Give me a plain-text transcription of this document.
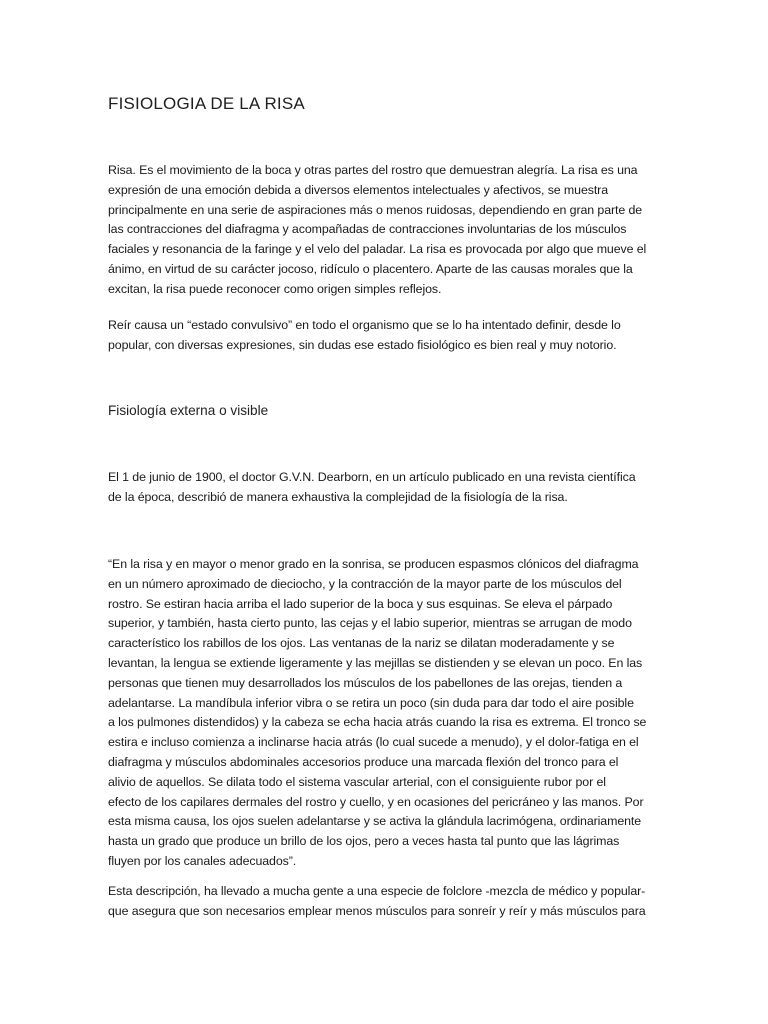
FISIOLOGIA DE LA RISA
Risa. Es el movimiento de la boca y otras partes del rostro que demuestran alegría. La risa es una
expresión de una emoción debida a diversos elementos intelectuales y afectivos, se muestra
principalmente en una serie de aspiraciones más o menos ruidosas, dependiendo en gran parte de
las contracciones del diafragma y acompañadas de contracciones involuntarias de los músculos
faciales y resonancia de la faringe y el velo del paladar. La risa es provocada por algo que mueve el
ánimo, en virtud de su carácter jocoso, ridículo o placentero. Aparte de las causas morales que la
excitan, la risa puede reconocer como origen simples reflejos.
Reír causa un “estado convulsivo” en todo el organismo que se lo ha intentado definir, desde lo
popular, con diversas expresiones, sin dudas ese estado fisiológico es bien real y muy notorio.
Fisiología externa o visible
El 1 de junio de 1900, el doctor G.V.N. Dearborn, en un artículo publicado en una revista científica
de la época, describió de manera exhaustiva la complejidad de la fisiología de la risa.
“En la risa y en mayor o menor grado en la sonrisa, se producen espasmos clónicos del diafragma
en un número aproximado de dieciocho, y la contracción de la mayor parte de los músculos del
rostro. Se estiran hacia arriba el lado superior de la boca y sus esquinas. Se eleva el párpado
superior, y también, hasta cierto punto, las cejas y el labio superior, mientras se arrugan de modo
característico los rabillos de los ojos. Las ventanas de la nariz se dilatan moderadamente y se
levantan, la lengua se extiende ligeramente y las mejillas se distienden y se elevan un poco. En las
personas que tienen muy desarrollados los músculos de los pabellones de las orejas, tienden a
adelantarse. La mandíbula inferior vibra o se retira un poco (sin duda para dar todo el aire posible
a los pulmones distendidos) y la cabeza se echa hacia atrás cuando la risa es extrema. El tronco se
estira e incluso comienza a inclinarse hacia atrás (lo cual sucede a menudo), y el dolor-fatiga en el
diafragma y músculos abdominales accesorios produce una marcada flexión del tronco para el
alivio de aquellos. Se dilata todo el sistema vascular arterial, con el consiguiente rubor por el
efecto de los capilares dermales del rostro y cuello, y en ocasiones del pericráneo y las manos. Por
esta misma causa, los ojos suelen adelantarse y se activa la glándula lacrimógena, ordinariamente
hasta un grado que produce un brillo de los ojos, pero a veces hasta tal punto que las lágrimas
fluyen por los canales adecuados”.
Esta descripción, ha llevado a mucha gente a una especie de folclore -mezcla de médico y popular-
que asegura que son necesarios emplear menos músculos para sonreír y reír y más músculos para
